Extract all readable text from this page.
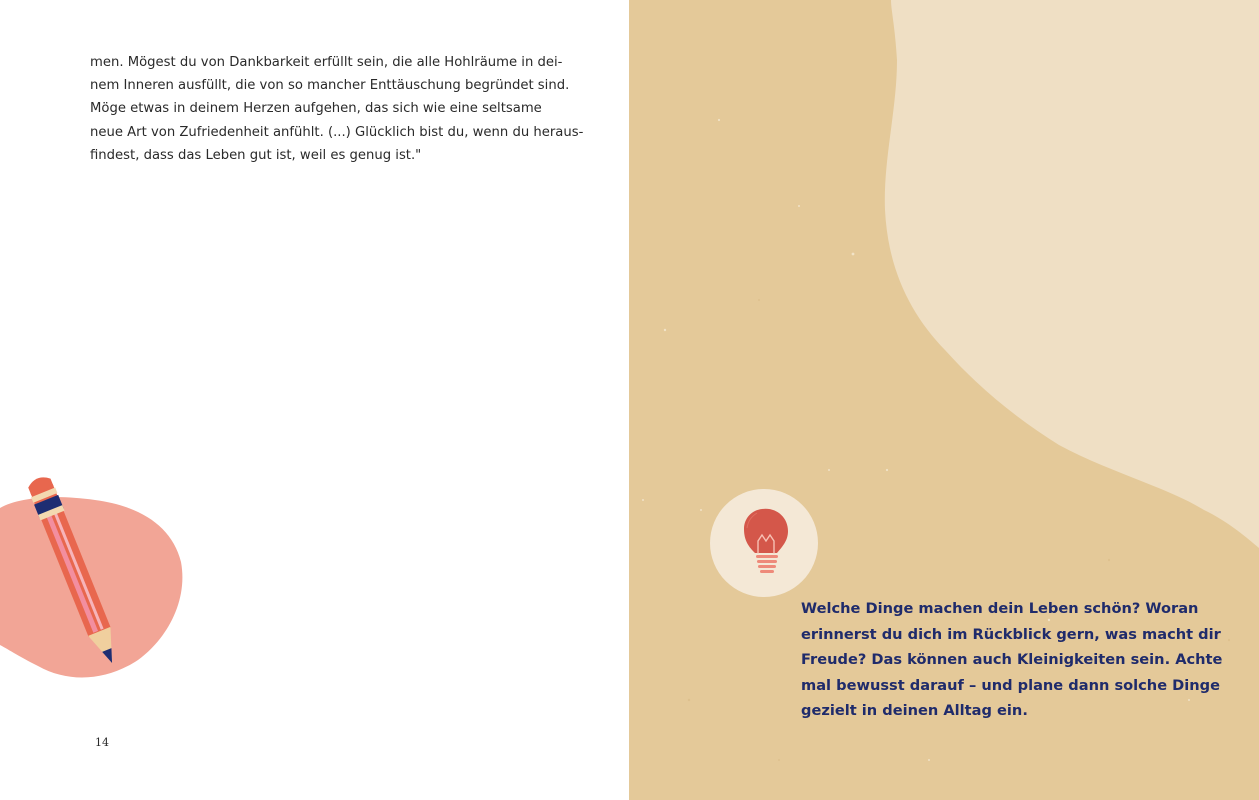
men. Mögest du von Dankbarkeit erfüllt sein, die alle Hohlräume in dei-
nem Inneren ausfüllt, die von so mancher Enttäuschung begründet sind.
Möge etwas in deinem Herzen aufgehen, das sich wie eine seltsame
neue Art von Zufriedenheit anfühlt. (...) Glücklich bist du, wenn du heraus-
findest, dass das Leben gut ist, weil es genug ist."

14

Welche Dinge machen dein Leben schön? Woran
erinnerst du dich im Rückblick gern, was macht dir
Freude? Das können auch Kleinigkeiten sein. Achte
mal bewusst darauf – und plane dann solche Dinge
gezielt in deinen Alltag ein.
